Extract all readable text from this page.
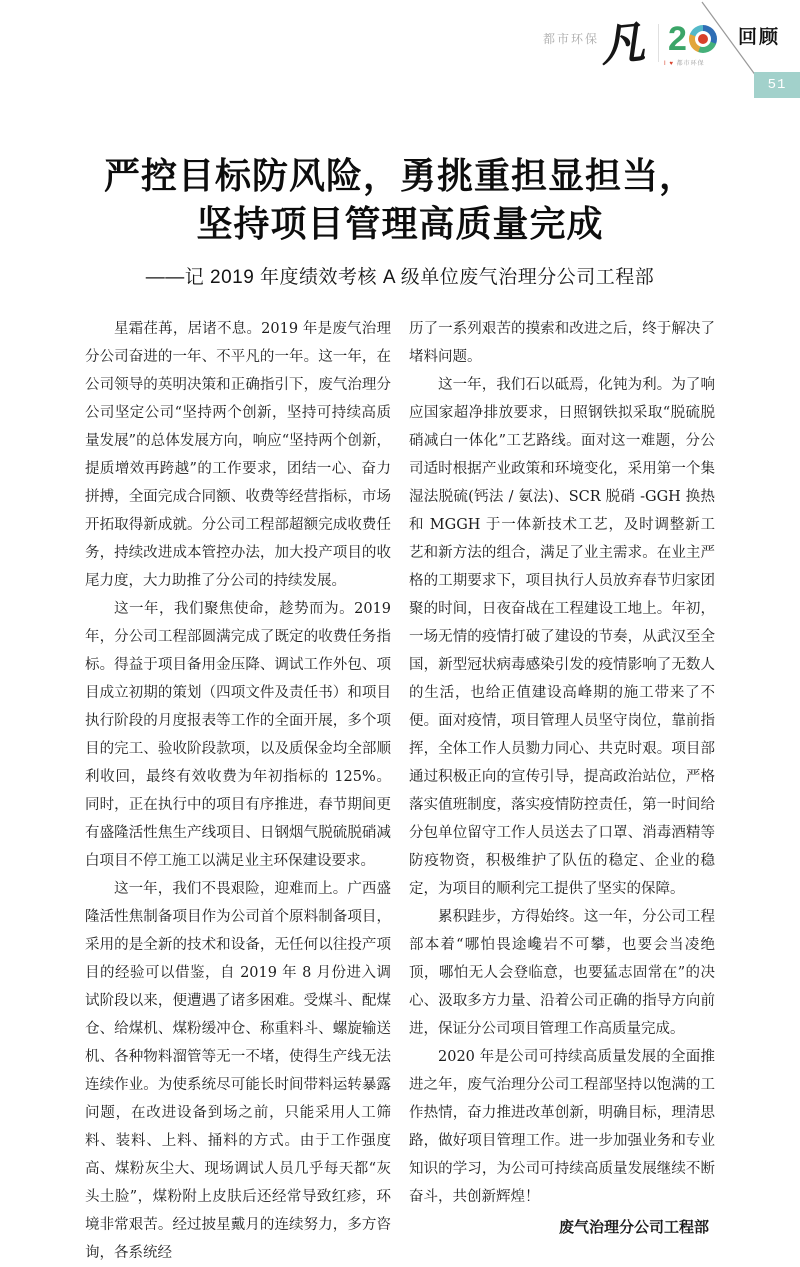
都市环保
凡 2
I ♥ 都市环保
回顾
51
严控目标防风险，勇挑重担显担当，
坚持项目管理高质量完成
——记 2019 年度绩效考核 A 级单位废气治理分公司工程部

星霜荏苒，居诸不息。2019 年是废气治理分公司奋进的一年、不平凡的一年。这一年，在公司领导的英明决策和正确指引下，废气治理分公司坚定公司“坚持两个创新，坚持可持续高质量发展”的总体发展方向，响应“坚持两个创新，提质增效再跨越”的工作要求，团结一心、奋力拼搏，全面完成合同额、收费等经营指标，市场开拓取得新成就。分公司工程部超额完成收费任务，持续改进成本管控办法，加大投产项目的收尾力度，大力助推了分公司的持续发展。

这一年，我们聚焦使命，趁势而为。2019 年，分公司工程部圆满完成了既定的收费任务指标。得益于项目备用金压降、调试工作外包、项目成立初期的策划（四项文件及责任书）和项目执行阶段的月度报表等工作的全面开展，多个项目的完工、验收阶段款项，以及质保金均全部顺利收回，最终有效收费为年初指标的 125%。同时，正在执行中的项目有序推进，春节期间更有盛隆活性焦生产线项目、日钢烟气脱硫脱硝减白项目不停工施工以满足业主环保建设要求。

这一年，我们不畏艰险，迎难而上。广西盛隆活性焦制备项目作为公司首个原料制备项目，采用的是全新的技术和设备，无任何以往投产项目的经验可以借鉴，自 2019 年 8 月份进入调试阶段以来，便遭遇了诸多困难。受煤斗、配煤仓、给煤机、煤粉缓冲仓、称重料斗、螺旋输送机、各种物料溜管等无一不堵，使得生产线无法连续作业。为使系统尽可能长时间带料运转暴露问题，在改进设备到场之前，只能采用人工筛料、装料、上料、捅料的方式。由于工作强度高、煤粉灰尘大、现场调试人员几乎每天都“灰头土脸”，煤粉附上皮肤后还经常导致红疹，环境非常艰苦。经过披星戴月的连续努力，多方咨询，各系统经

历了一系列艰苦的摸索和改进之后，终于解决了堵料问题。

这一年，我们石以砥焉，化钝为利。为了响应国家超净排放要求，日照钢铁拟采取“脱硫脱硝减白一体化”工艺路线。面对这一难题，分公司适时根据产业政策和环境变化，采用第一个集湿法脱硫(钙法 / 氨法)、SCR 脱硝 -GGH 换热和 MGGH 于一体新技术工艺，及时调整新工艺和新方法的组合，满足了业主需求。在业主严格的工期要求下，项目执行人员放弃春节归家团聚的时间，日夜奋战在工程建设工地上。年初，一场无情的疫情打破了建设的节奏，从武汉至全国，新型冠状病毒感染引发的疫情影响了无数人的生活，也给正值建设高峰期的施工带来了不便。面对疫情，项目管理人员坚守岗位，靠前指挥，全体工作人员勠力同心、共克时艰。项目部通过积极正向的宣传引导，提高政治站位，严格落实值班制度，落实疫情防控责任，第一时间给分包单位留守工作人员送去了口罩、消毒酒精等防疫物资，积极维护了队伍的稳定、企业的稳定，为项目的顺利完工提供了坚实的保障。

累积跬步，方得始终。这一年，分公司工程部本着“哪怕畏途巉岩不可攀，也要会当凌绝顶，哪怕无人会登临意，也要猛志固常在”的决心、汲取多方力量、沿着公司正确的指导方向前进，保证分公司项目管理工作高质量完成。

2020 年是公司可持续高质量发展的全面推进之年，废气治理分公司工程部坚持以饱满的工作热情，奋力推进改革创新，明确目标，理清思路，做好项目管理工作。进一步加强业务和专业知识的学习，为公司可持续高质量发展继续不断奋斗，共创新辉煌！

废气治理分公司工程部
